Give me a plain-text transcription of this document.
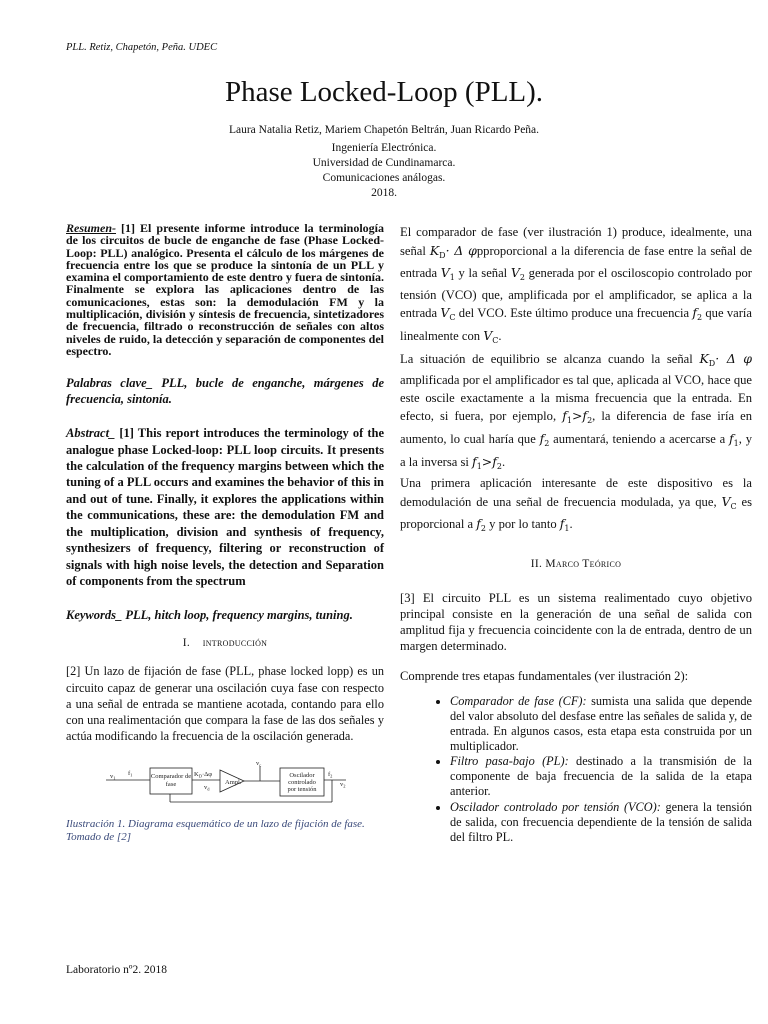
PLL. Retiz, Chapetón, Peña. UDEC
Phase Locked-Loop (PLL).
Laura Natalia Retiz, Mariem Chapetón Beltrán, Juan Ricardo Peña.
Ingeniería Electrónica.
Universidad de Cundinamarca.
Comunicaciones análogas.
2018.

Resumen- [1] El presente informe introduce la terminología de los circuitos de bucle de enganche de fase (Phase Locked-Loop: PLL) analógico. Presenta el cálculo de los márgenes de frecuencia entre los que se produce la sintonía de un PLL y examina el comportamiento de este dentro y fuera de sintonía. Finalmente se explora las aplicaciones dentro de las comunicaciones, estas son: la demodulación FM y la multiplicación, división y síntesis de frecuencia, sintetizadores de frecuencia, filtrado o reconstrucción de señales con altos niveles de ruido, la detección y separación de componentes del espectro.

Palabras clave_ PLL, bucle de enganche, márgenes de frecuencia, sintonía.

Abstract_ [1] This report introduces the terminology of the analogue phase Locked-loop: PLL loop circuits. It presents the calculation of the frequency margins between which the tuning of a PLL occurs and examines the behavior of this in and out of tune. Finally, it explores the applications within the communications, these are: the demodulation FM and the multiplication, division and synthesis of frequency, synthesizers of frequency, filtering or reconstruction of signals with high noise levels, the detection and Separation of components from the spectrum

Keywords_ PLL, hitch loop, frequency margins, tuning.

I. introducción

[2] Un lazo de fijación de fase (PLL, phase locked lopp) es un circuito capaz de generar una oscilación cuya fase con respecto a una señal de entrada se mantiene acotada, contando para ello con una realimentación que compara la fase de las dos señales y actúa modificando la frecuencia de la oscilación generada.

$v_1$
$f_1$	Comparador de
fase
$K_D\cdot\Delta\varphi$
$v_d$
Ampl.
$v_c$
Oscilador
controlado
por tensión
$f_2$
$v_2$

Ilustración 1. Diagrama esquemático de un lazo de fijación de fase. Tomado de [2]

El comparador de fase (ver ilustración 1) produce, idealmente, una señal $K_D\cdot \Delta$ φpproporcional a la diferencia de fase entre la señal de entrada $V_1$ y la señal $V_2$ generada por el osciloscopio controlado por tensión (VCO) que, amplificada por el amplificador, se aplica a la entrada $V_C$ del VCO. Este último produce una frecuencia $f_2$ que varía linealmente con $V_C$.

La situación de equilibrio se alcanza cuando la señal $K_D\cdot \Delta$ φ amplificada por el amplificador es tal que, aplicada al VCO, hace que este oscile exactamente a la misma frecuencia que la entrada. En efecto, si fuera, por ejemplo, $f_1>f_2$, la diferencia de fase iría en aumento, lo cual haría que $f_2$ aumentará, teniendo a acercarse a $f_1$, y a la inversa si $f_1>f_2$.

Una primera aplicación interesante de este dispositivo es la demodulación de una señal de frecuencia modulada, ya que, $V_C$ es proporcional a $f_2$ y por lo tanto $f_1$.

II. Marco Teórico

[3] El circuito PLL es un sistema realimentado cuyo objetivo principal consiste en la generación de una señal de salida con amplitud fija y frecuencia coincidente con la de entrada, dentro de un margen determinado.

Comprende tres etapas fundamentales (ver ilustración 2):

• Comparador de fase (CF): sumista una salida que depende del valor absoluto del desfase entre las señales de salida y, de entrada. En algunos casos, esta etapa esta construida por un multiplicador.
• Filtro pasa-bajo (PL): destinado a la transmisión de la componente de baja frecuencia de la salida de la etapa anterior.
• Oscilador controlado por tensión (VCO): genera la tensión de salida, con frecuencia dependiente de la tensión de salida del filtro PL.
Laboratorio nº2. 2018
